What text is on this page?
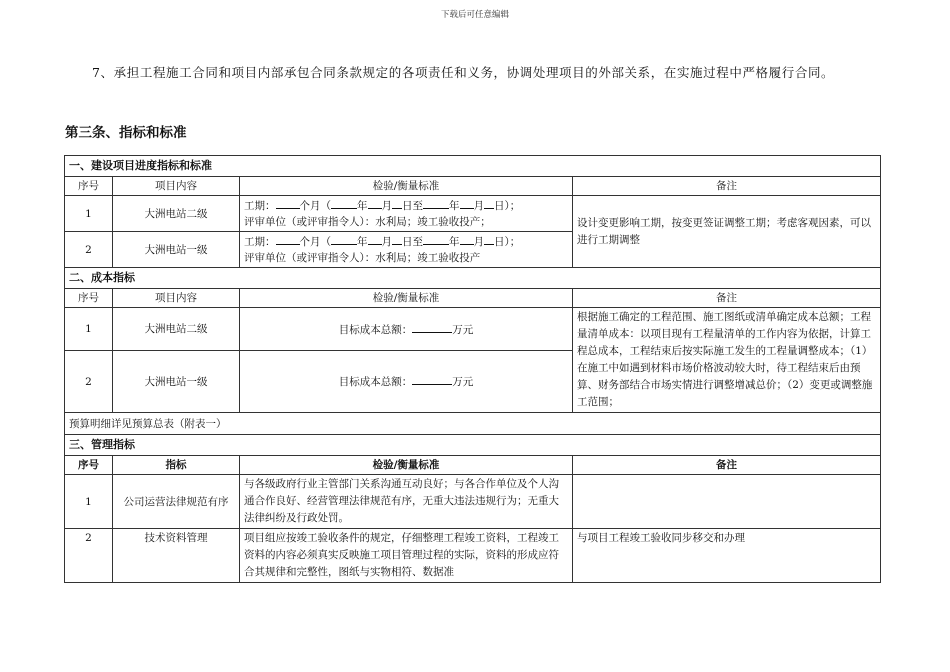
下载后可任意编辑
7、承担工程施工合同和项目内部承包合同条款规定的各项责任和义务，协调处理项目的外部关系，在实施过程中严格履行合同。
第三条、指标和标准
一、建设项目进度指标和标准			
序号	项目内容	检验/衡量标准	备注
1	大洲电站二级	工期： 个月（ 年 月 日至 年 月 日）；
评审单位（或评审指令人）：水利局；竣工验收投产；	设计变更影响工期，按变更签证调整工期；考虑客观因素，可以进行工期调整
2	大洲电站一级	工期： 个月（ 年 月 日至 年 月 日）；
评审单位（或评审指令人）：水利局；竣工验收投产	

二、成本指标			
序号	项目内容	检验/衡量标准	备注
1	大洲电站二级	目标成本总额： 万元	根据施工确定的工程范围、施工图纸或清单确定成本总额；工程量清单成本：以项目现有工程量清单的工作内容为依据，计算工程总成本，工程结束后按实际施工发生的工程量调整成本；（1）在施工中如遇到材料市场价格波动较大时，待工程结束后由预算、财务部结合市场实情进行调整增减总价；（2）变更或调整施工范围；
2	大洲电站一级	目标成本总额： 万元	
预算明细详见预算总表（附表一）			
三、管理指标			
序号	指标	检验/衡量标准	备注
1	公司运营法律规范有序	与各级政府行业主管部门关系沟通互动良好；与各合作单位及个人沟通合作良好、经营管理法律规范有序，无重大违法违规行为；无重大法律纠纷及行政处罚。	
2	技术资料管理	项目组应按竣工验收条件的规定，仔细整理工程竣工资料，工程竣工资料的内容必须真实反映施工项目管理过程的实际，资料的形成应符合其规律和完整性，图纸与实物相符、数据准	与项目工程竣工验收同步移交和办理
